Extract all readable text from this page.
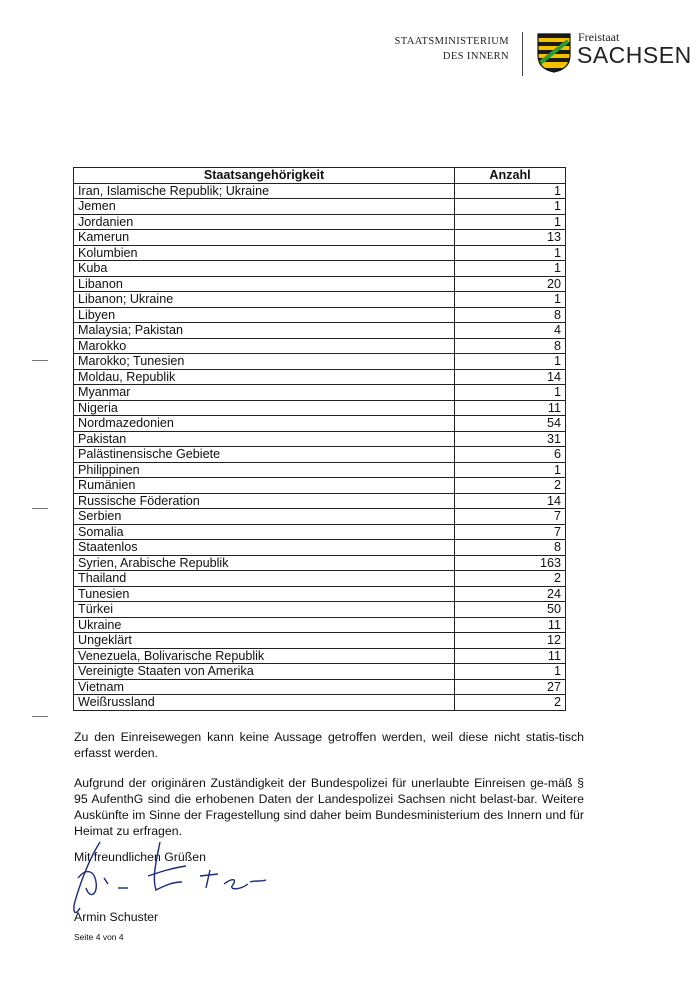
STAATSMINISTERIUM
DES INNERN
Freistaat
SACHSEN
Staatsangehörigkeit	Anzahl
Iran, Islamische Republik; Ukraine	1
Jemen	1
Jordanien	1
Kamerun	13
Kolumbien	1
Kuba	1
Libanon	20
Libanon; Ukraine	1
Libyen	8
Malaysia; Pakistan	4
Marokko	8
Marokko; Tunesien	1
Moldau, Republik	14
Myanmar	1
Nigeria	11
Nordmazedonien	54
Pakistan	31
Palästinensische Gebiete	6
Philippinen	1
Rumänien	2
Russische Föderation	14
Serbien	7
Somalia	7
Staatenlos	8
Syrien, Arabische Republik	163
Thailand	2
Tunesien	24
Türkei	50
Ukraine	11
Ungeklärt	12
Venezuela, Bolivarische Republik	11
Vereinigte Staaten von Amerika	1
Vietnam	27
Weißrussland	2
Zu den Einreisewegen kann keine Aussage getroffen werden, weil diese nicht statis-tisch erfasst werden.
Aufgrund der originären Zuständigkeit der Bundespolizei für unerlaubte Einreisen ge-mäß § 95 AufenthG sind die erhobenen Daten der Landespolizei Sachsen nicht belast-bar. Weitere Auskünfte im Sinne der Fragestellung sind daher beim Bundesministerium des Innern und für Heimat zu erfragen.
Mit freundlichen Grüßen
Armin Schuster
Seite 4 von 4
